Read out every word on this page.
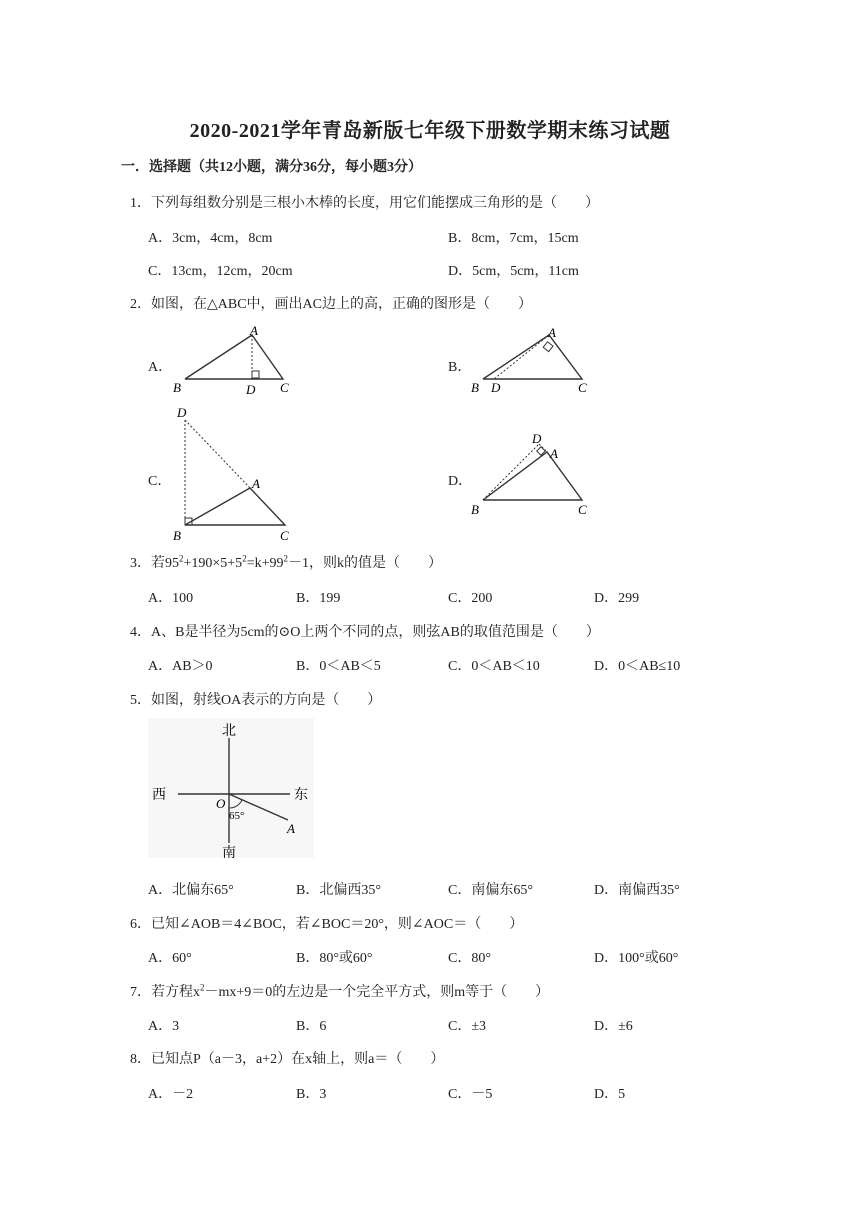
2020-2021学年青岛新版七年级下册数学期末练习试题
一．选择题（共12小题，满分36分，每小题3分）
1．下列每组数分别是三根小木棒的长度，用它们能摆成三角形的是（　　）
A．3cm，4cm，8cm	B．8cm，7cm，15cm
C．13cm，12cm，20cm	D．5cm，5cm，11cm
2．如图，在△ABC中，画出AC边上的高，正确的图形是（　　）
A．	B．
C．	D．
A
B	D C
A
B D	C
D
A
B	C
D
A
B	C
3．若$95^2+190\times 5+5^2=k+99^2-1$，则k的值是（　　）
A．100	B．199	C．200	D．299
4．A、B是半径为5cm的⊙O上两个不同的点，则弦AB的取值范围是（　　）
A．AB＞0	B．0＜AB＜5	C．0＜AB＜10	D．0＜AB≤10
5．如图，射线OA表示的方向是（　　）
北
南
西	东
O
A
65°
A．北偏东65°	B．北偏西35°	C．南偏东65°	D．南偏西35°
6．已知∠AOB＝4∠BOC，若∠BOC＝20°，则∠AOC＝（　　）
A．60°	B．80°或60°	C．80°	D．100°或60°
7．若方程$x^2-mx+9=0$的左边是一个完全平方式，则m等于（　　）
A．3	B．6	C．±3	D．±6
8．已知点P（a－3，a+2）在x轴上，则a＝（　　）
A．－2	B．3	C．－5	D．5
